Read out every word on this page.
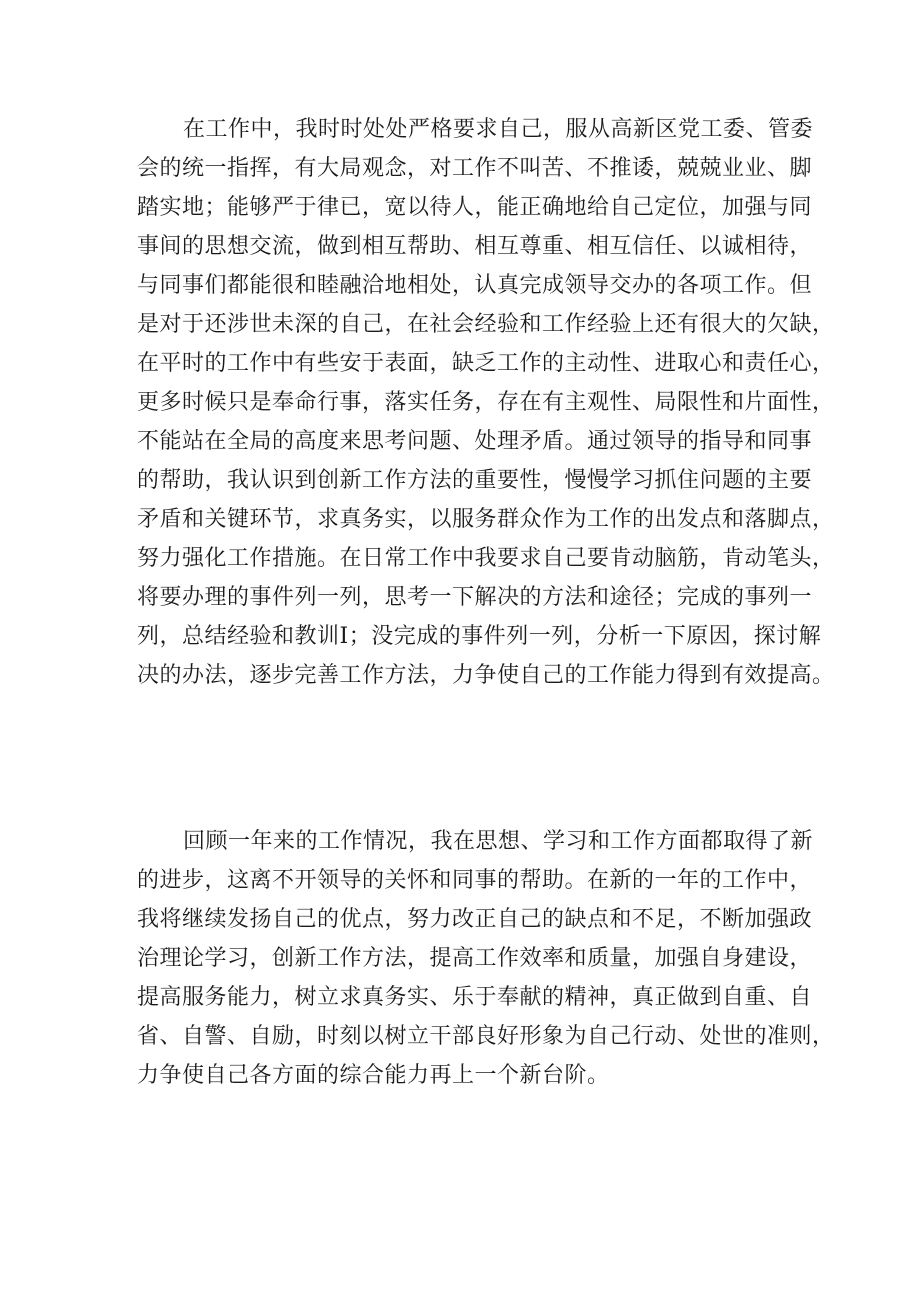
在工作中，我时时处处严格要求自己，服从高新区党工委、管委
会的统一指挥，有大局观念，对工作不叫苦、不推诿，兢兢业业、脚
踏实地；能够严于律已，宽以待人，能正确地给自己定位，加强与同
事间的思想交流，做到相互帮助、相互尊重、相互信任、以诚相待，
与同事们都能很和睦融洽地相处，认真完成领导交办的各项工作。但
是对于还涉世未深的自己，在社会经验和工作经验上还有很大的欠缺，
在平时的工作中有些安于表面，缺乏工作的主动性、进取心和责任心，
更多时候只是奉命行事，落实任务，存在有主观性、局限性和片面性，
不能站在全局的高度来思考问题、处理矛盾。通过领导的指导和同事
的帮助，我认识到创新工作方法的重要性，慢慢学习抓住问题的主要
矛盾和关键环节，求真务实，以服务群众作为工作的出发点和落脚点，
努力强化工作措施。在日常工作中我要求自己要肯动脑筋，肯动笔头，
将要办理的事件列一列，思考一下解决的方法和途径；完成的事列一
列，总结经验和教训I；没完成的事件列一列，分析一下原因，探讨解
决的办法，逐步完善工作方法，力争使自己的工作能力得到有效提高。

回顾一年来的工作情况，我在思想、学习和工作方面都取得了新
的进步，这离不开领导的关怀和同事的帮助。在新的一年的工作中，
我将继续发扬自己的优点，努力改正自己的缺点和不足，不断加强政
治理论学习，创新工作方法，提高工作效率和质量，加强自身建设，
提高服务能力，树立求真务实、乐于奉献的精神，真正做到自重、自
省、自警、自励，时刻以树立干部良好形象为自己行动、处世的准则，
力争使自己各方面的综合能力再上一个新台阶。
